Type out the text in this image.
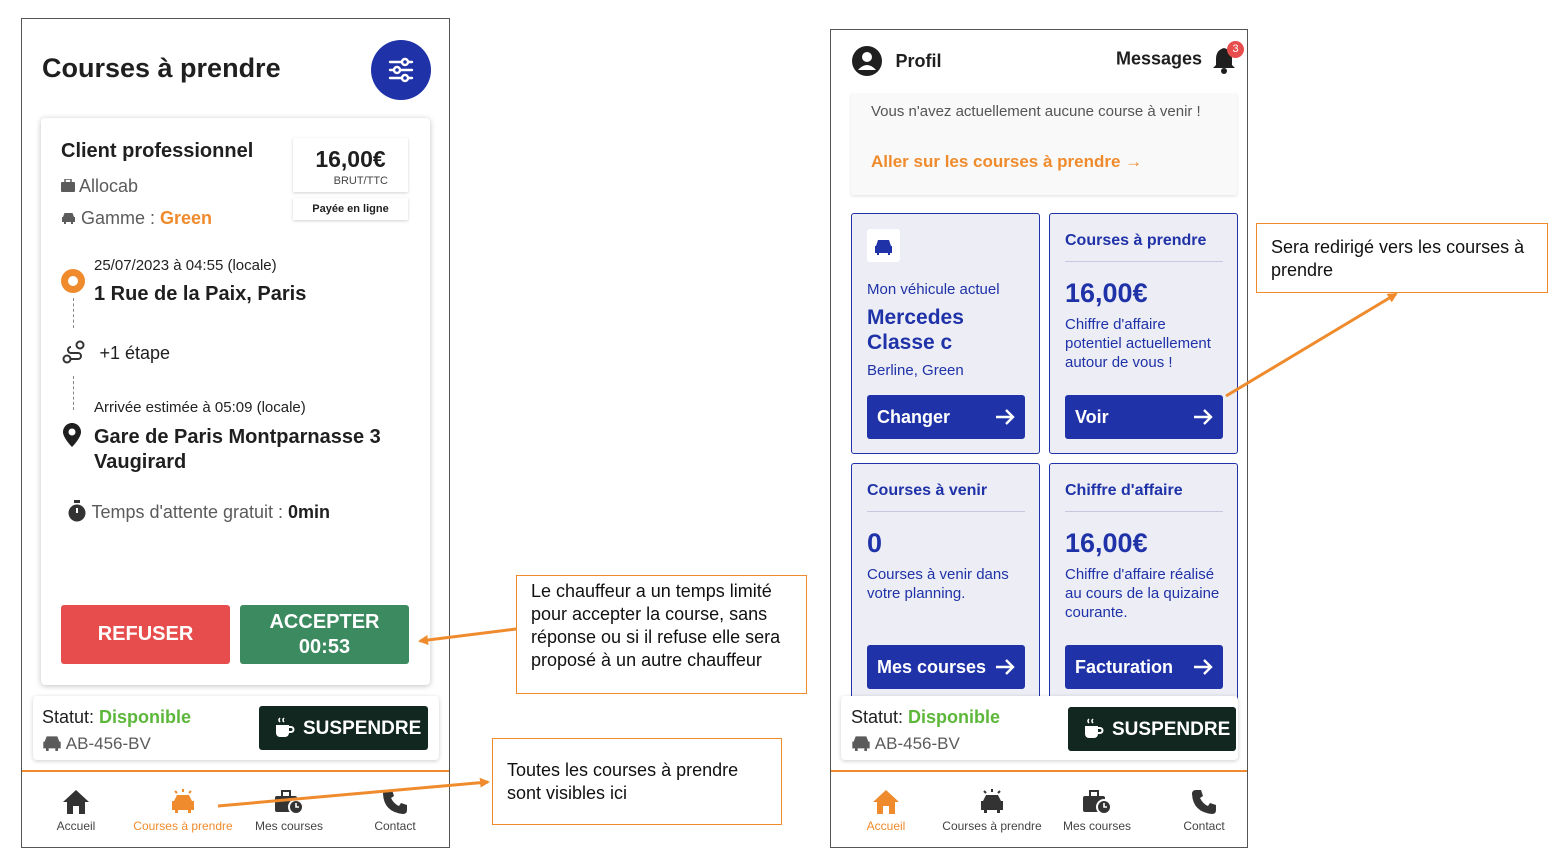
Courses à prendre
Client professionnel
Allocab
Gamme : Green
16,00€
BRUT/TTC
Payée en ligne
25/07/2023 à 04:55 (locale)
1 Rue de la Paix, Paris
+1 étape
Arrivée estimée à 05:09 (locale)
Gare de Paris Montparnasse 3 Vaugirard
Temps d'attente gratuit : 0min
REFUSER
ACCEPTER
00:53
Statut: Disponible
AB-456-BV
SUSPENDRE
Accueil	Courses à prendre	Mes courses	Contact
Profil	Messages	3
Vous n'avez actuellement aucune course à venir !
Aller sur les courses à prendre →
Mon véhicule actuel
Mercedes Classe c
Berline, Green
Changer
Courses à prendre
16,00€
Chiffre d'affaire potentiel actuellement autour de vous !
Voir
Courses à venir
0
Courses à venir dans votre planning.
Mes courses
Chiffre d'affaire
16,00€
Chiffre d'affaire réalisé au cours de la quizaine courante.
Facturation
Statut: Disponible
AB-456-BV
SUSPENDRE
Accueil	Courses à prendre	Mes courses	Contact
Le chauffeur a un temps limité pour accepter la course, sans réponse ou si il refuse elle sera proposé à un autre chauffeur
Toutes les courses à prendre sont visibles ici
Sera redirigé vers les courses à prendre
